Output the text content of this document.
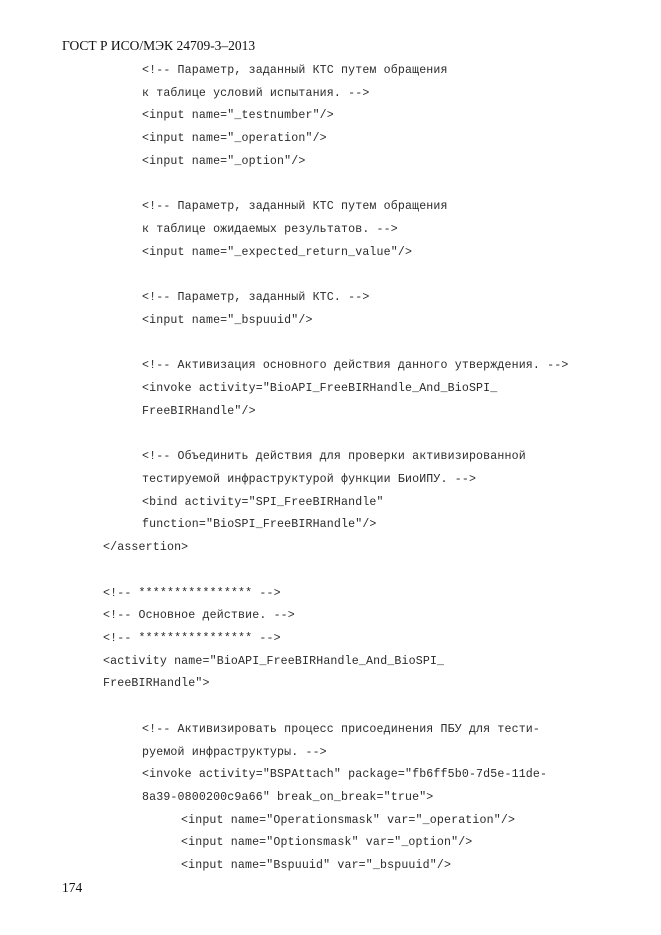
ГОСТ Р ИСО/МЭК 24709-3–2013
<!-- Параметр, заданный КТС путем обращения
к таблице условий испытания. -->
<input name="_testnumber"/>
<input name="_operation"/>
<input name="_option"/>
<!-- Параметр, заданный КТС путем обращения
к таблице ожидаемых результатов. -->
<input name="_expected_return_value"/>
<!-- Параметр, заданный КТС. -->
<input name="_bspuuid"/>
<!-- Активизация основного действия данного утверждения. -->
<invoke activity="BioAPI_FreeBIRHandle_And_BioSPI_
FreeBIRHandle"/>
<!-- Объединить действия для проверки активизированной
тестируемой инфраструктурой функции БиоИПУ. -->
<bind activity="SPI_FreeBIRHandle"
function="BioSPI_FreeBIRHandle"/>
</assertion>
<!-- **************** -->
<!-- Основное действие. -->
<!-- **************** -->
<activity name="BioAPI_FreeBIRHandle_And_BioSPI_
FreeBIRHandle">
<!-- Активизировать процесс присоединения ПБУ для тести-
руемой инфраструктуры. -->
<invoke activity="BSPAttach" package="fb6ff5b0-7d5e-11de-
8a39-0800200c9a66" break_on_break="true">
<input name="Operationsmask" var="_operation"/>
<input name="Optionsmask" var="_option"/>
<input name="Bspuuid" var="_bspuuid"/>
174
